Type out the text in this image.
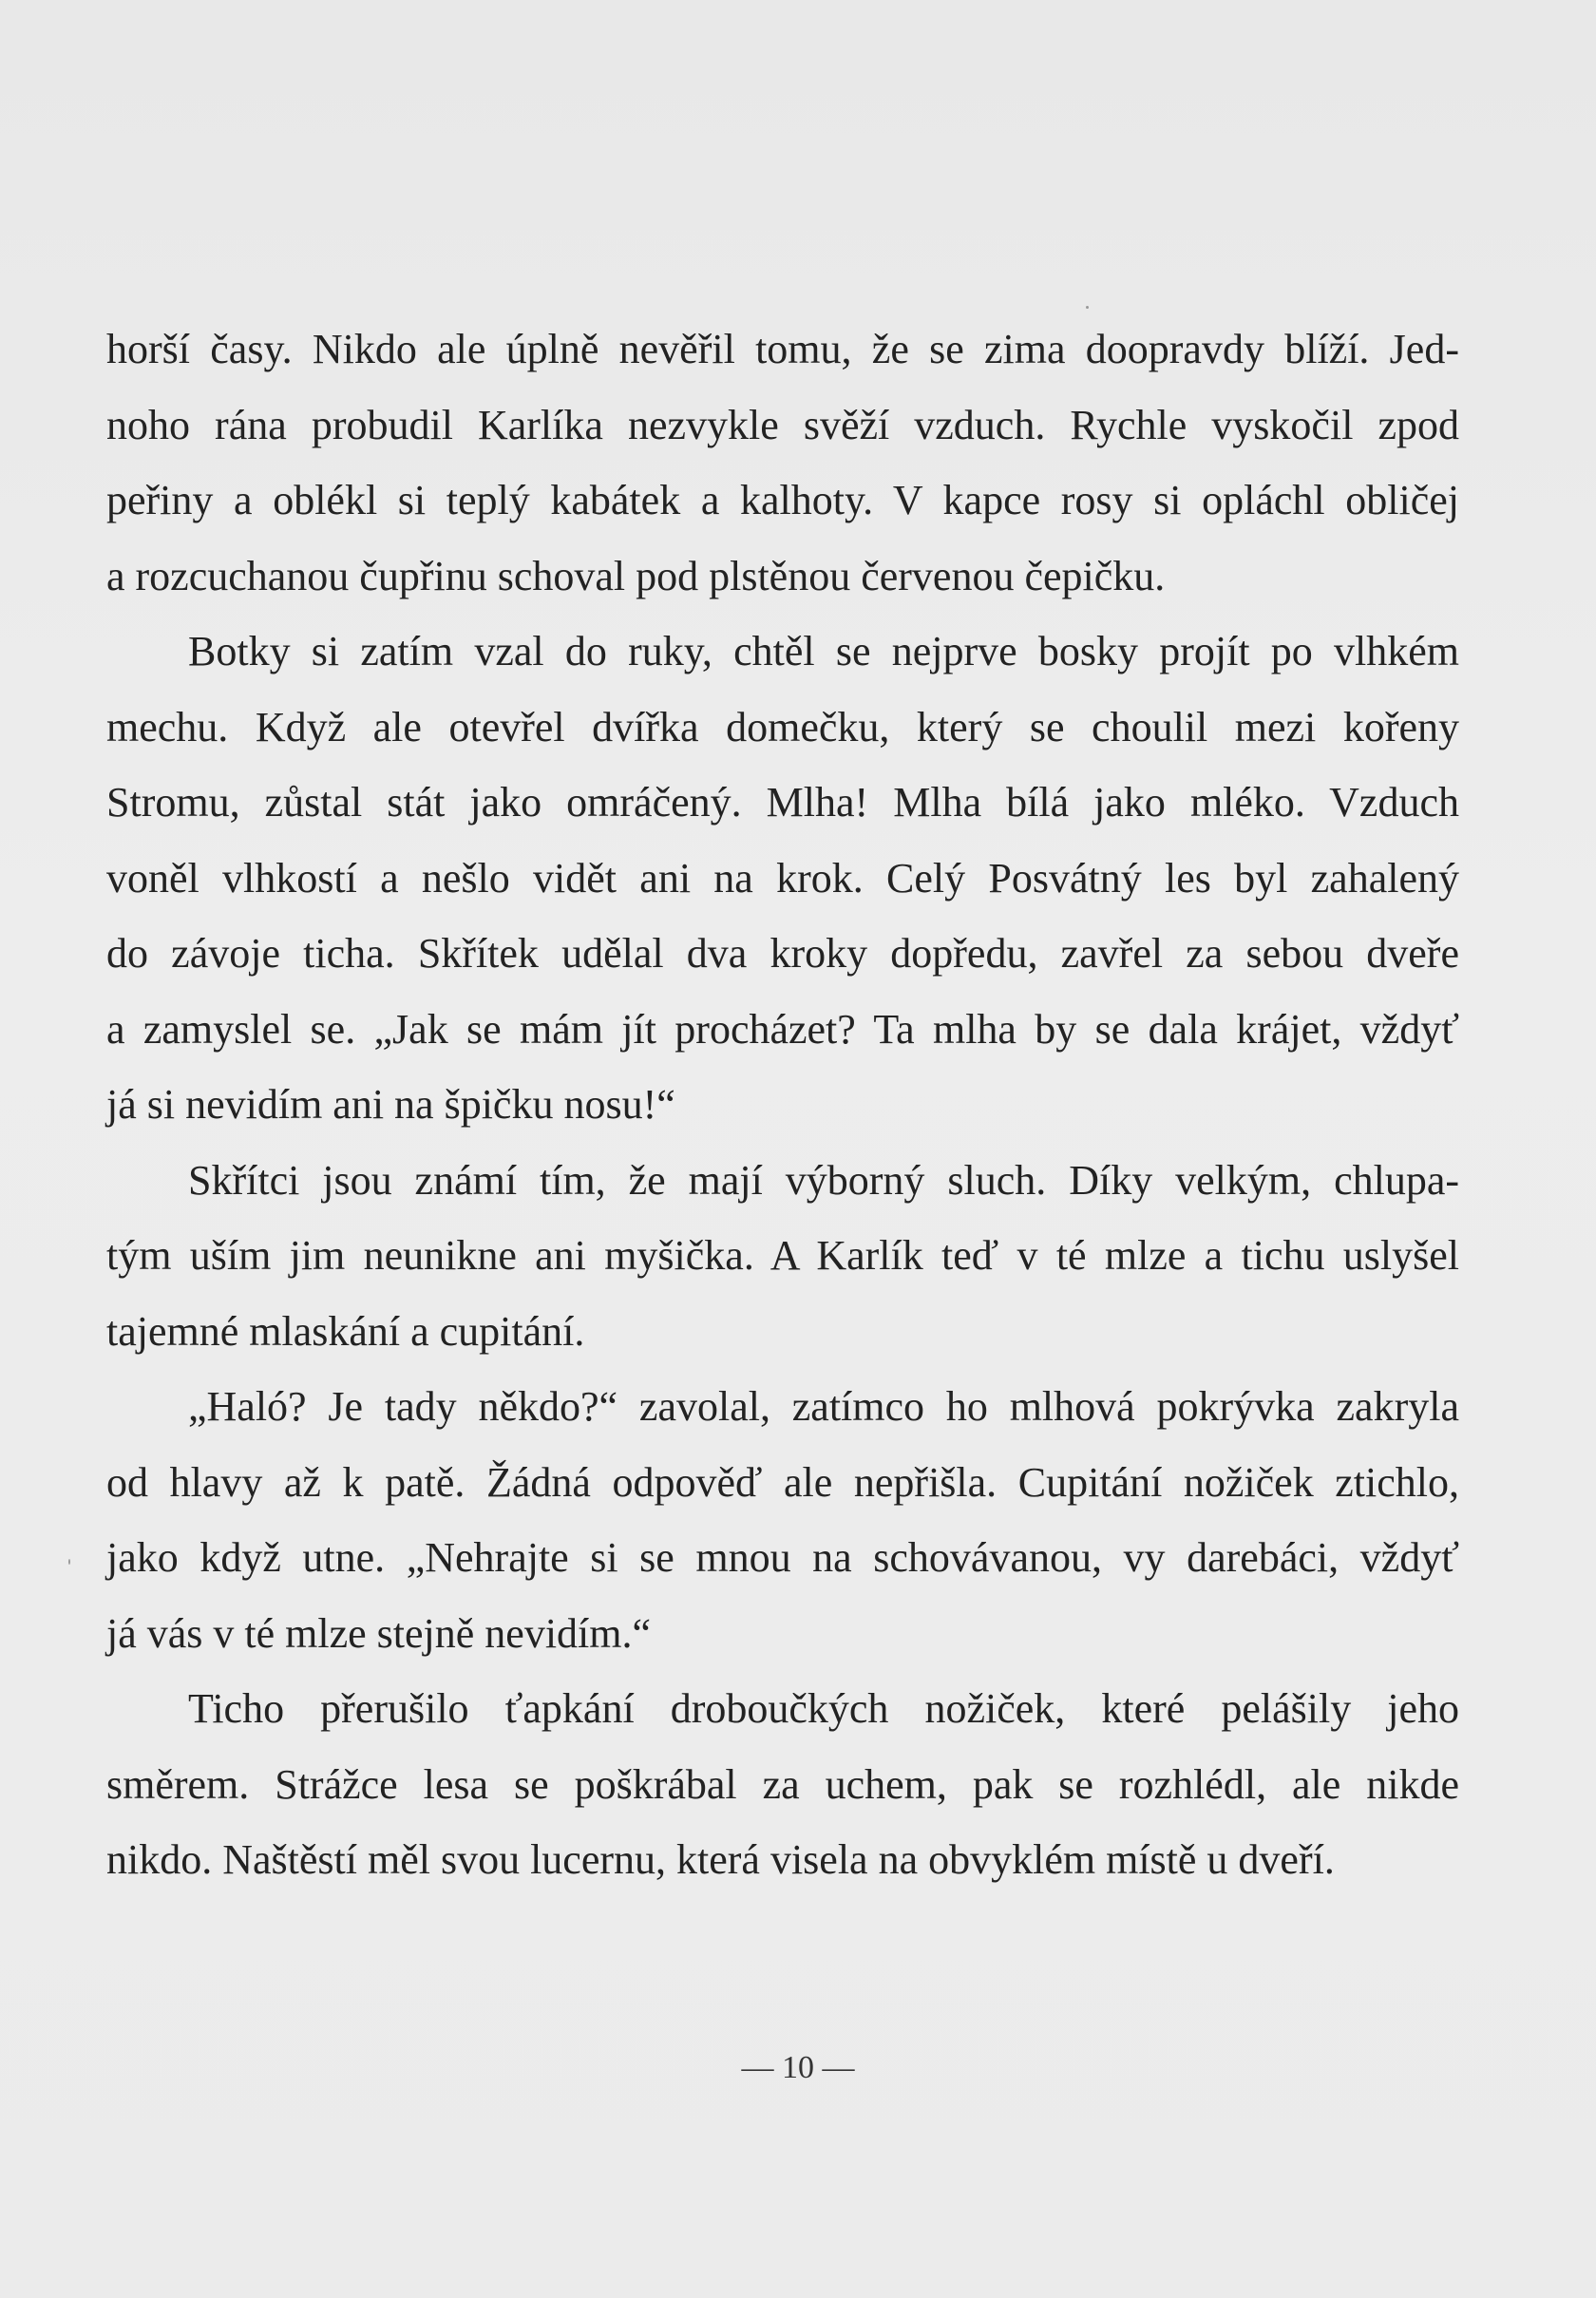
horší časy. Nikdo ale úplně nevěřil tomu, že se zima doopravdy blíží. Jed-
noho rána probudil Karlíka nezvykle svěží vzduch. Rychle vyskočil zpod
peřiny a oblékl si teplý kabátek a kalhoty. V kapce rosy si opláchl obličej
a rozcuchanou čupřinu schoval pod plstěnou červenou čepičku.
Botky si zatím vzal do ruky, chtěl se nejprve bosky projít po vlhkém
mechu. Když ale otevřel dvířka domečku, který se choulil mezi kořeny
Stromu, zůstal stát jako omráčený. Mlha! Mlha bílá jako mléko. Vzduch
voněl vlhkostí a nešlo vidět ani na krok. Celý Posvátný les byl zahalený
do závoje ticha. Skřítek udělal dva kroky dopředu, zavřel za sebou dveře
a zamyslel se. „Jak se mám jít procházet? Ta mlha by se dala krájet, vždyť
já si nevidím ani na špičku nosu!“
Skřítci jsou známí tím, že mají výborný sluch. Díky velkým, chlupa-
tým uším jim neunikne ani myšička. A Karlík teď v té mlze a tichu uslyšel
tajemné mlaskání a cupitání.
„Haló? Je tady někdo?“ zavolal, zatímco ho mlhová pokrývka zakryla
od hlavy až k patě. Žádná odpověď ale nepřišla. Cupitání nožiček ztichlo,
jako když utne. „Nehrajte si se mnou na schovávanou, vy darebáci, vždyť
já vás v té mlze stejně nevidím.“
Ticho přerušilo ťapkání droboučkých nožiček, které pelášily jeho
směrem. Strážce lesa se poškrábal za uchem, pak se rozhlédl, ale nikde
nikdo. Naštěstí měl svou lucernu, která visela na obvyklém místě u dveří.
— 10 —
